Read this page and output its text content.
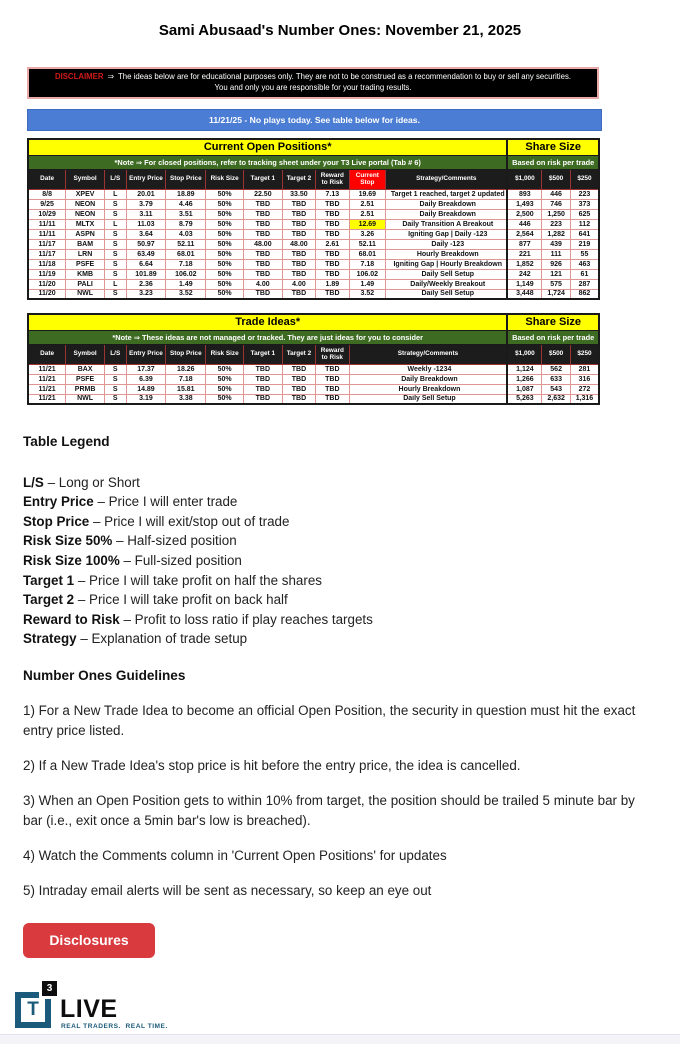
Sami Abusaad's Number Ones: November 21, 2025
DISCLAIMER ⇒ The ideas below are for educational purposes only. They are not to be construed as a recommendation to buy or sell any securities.
You and only you are responsible for your trading results.
11/21/25 - No plays today. See table below for ideas.
Current Open Positions*											Share Size		
*Note ⇒ For closed positions, refer to tracking sheet under your T3 Live portal (Tab # 6)											Based on risk per trade		
Date	Symbol	L/S	Entry Price	Stop Price	Risk Size	Target 1	Target 2	Reward to Risk	Current Stop	Strategy/Comments	$1,000	$500	$250
8/8	XPEV	L	20.01	18.89	50%	22.50	33.50	7.13	19.69	Target 1 reached, target 2 updated	893	446	223
9/25	NEON	S	3.79	4.46	50%	TBD	TBD	TBD	2.51	Daily Breakdown	1,493	746	373
10/29	NEON	S	3.11	3.51	50%	TBD	TBD	TBD	2.51	Daily Breakdown	2,500	1,250	625
11/11	MLTX	L	11.03	8.79	50%	TBD	TBD	TBD	12.69	Daily Transition A Breakout	446	223	112
11/11	ASPN	S	3.64	4.03	50%	TBD	TBD	TBD	3.26	Igniting Gap | Daily -123	2,564	1,282	641
11/17	BAM	S	50.97	52.11	50%	48.00	48.00	2.61	52.11	Daily -123	877	439	219
11/17	LRN	S	63.49	68.01	50%	TBD	TBD	TBD	68.01	Hourly Breakdown	221	111	55
11/18	PSFE	S	6.64	7.18	50%	TBD	TBD	TBD	7.18	Igniting Gap | Hourly Breakdown	1,852	926	463
11/19	KMB	S	101.89	106.02	50%	TBD	TBD	TBD	106.02	Daily Sell Setup	242	121	61
11/20	PALI	L	2.36	1.49	50%	4.00	4.00	1.89	1.49	Daily/Weekly Breakout	1,149	575	287
11/20	NWL	S	3.23	3.52	50%	TBD	TBD	TBD	3.52	Daily Sell Setup	3,448	1,724	862
Trade Ideas*										Share Size		
*Note ⇒ These ideas are not managed or tracked. They are just ideas for you to consider										Based on risk per trade		
Date	Symbol	L/S	Entry Price	Stop Price	Risk Size	Target 1	Target 2	Reward to Risk	Strategy/Comments	$1,000	$500	$250
11/21	BAX	S	17.37	18.26	50%	TBD	TBD	TBD	Weekly -1234	1,124	562	281
11/21	PSFE	S	6.39	7.18	50%	TBD	TBD	TBD	Daily Breakdown	1,266	633	316
11/21	PRMB	S	14.89	15.81	50%	TBD	TBD	TBD	Hourly Breakdown	1,087	543	272
11/21	NWL	S	3.19	3.38	50%	TBD	TBD	TBD	Daily Sell Setup	5,263	2,632	1,316
Table Legend
L/S – Long or Short
Entry Price – Price I will enter trade
Stop Price – Price I will exit/stop out of trade
Risk Size 50% – Half-sized position
Risk Size 100% – Full-sized position
Target 1 – Price I will take profit on half the shares
Target 2 – Price I will take profit on back half
Reward to Risk – Profit to loss ratio if play reaches targets
Strategy – Explanation of trade setup
Number Ones Guidelines
1) For a New Trade Idea to become an official Open Position, the security in question must hit the exact entry price listed.
2) If a New Trade Idea's stop price is hit before the entry price, the idea is cancelled.
3) When an Open Position gets to within 10% from target, the position should be trailed 5 minute bar by bar (i.e., exit once a 5min bar's low is breached).
4) Watch the Comments column in 'Current Open Positions' for updates
5) Intraday email alerts will be sent as necessary, so keep an eye out
Disclosures
T
3
LIVE
REAL TRADERS.  REAL TIME.
